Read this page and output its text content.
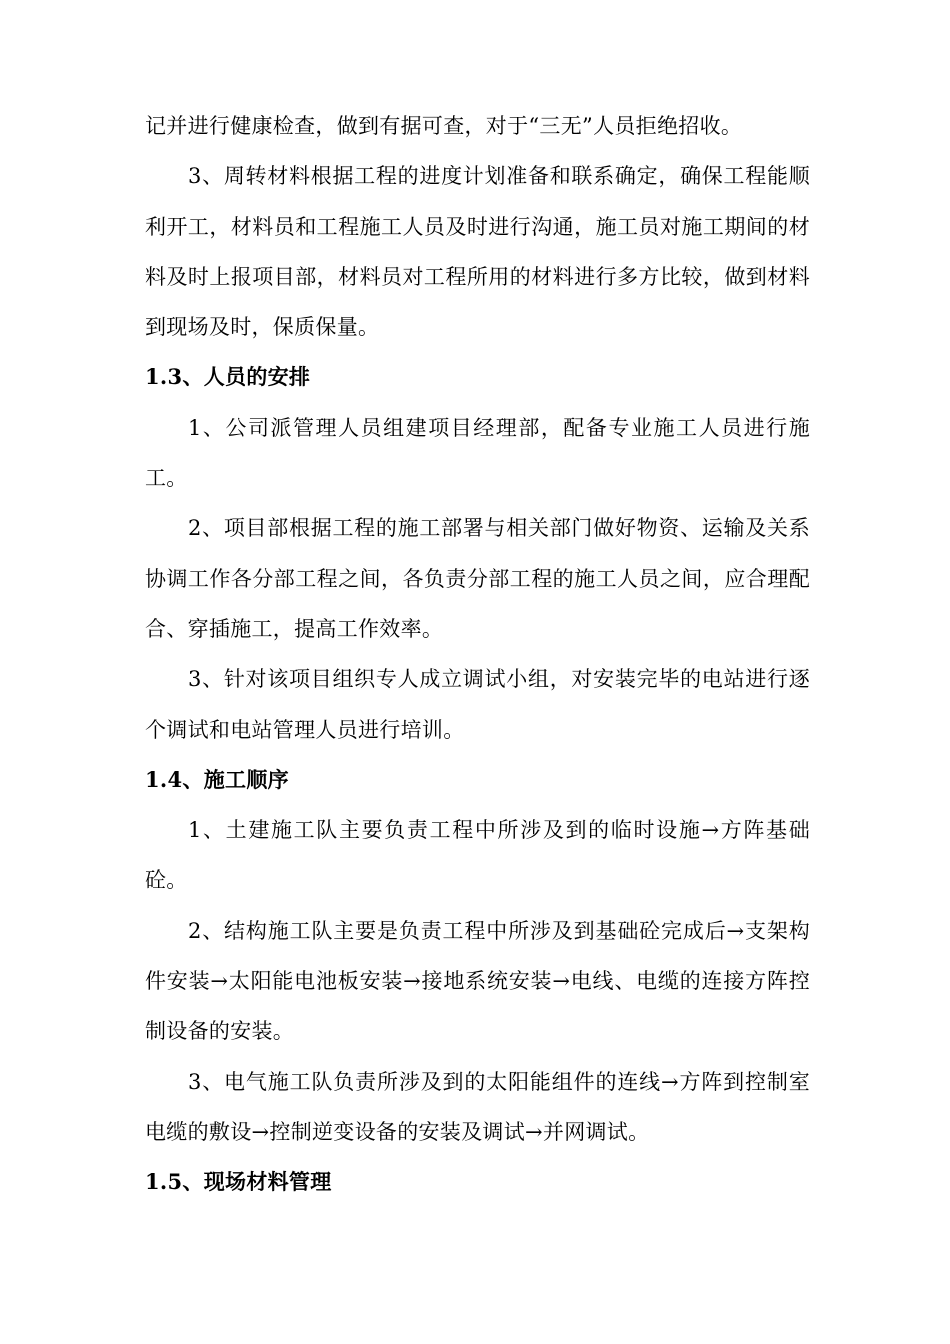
记并进行健康检查，做到有据可查，对于“三无”人员拒绝招收。

3、周转材料根据工程的进度计划准备和联系确定，确保工程能顺利开工，材料员和工程施工人员及时进行沟通，施工员对施工期间的材料及时上报项目部，材料员对工程所用的材料进行多方比较，做到材料到现场及时，保质保量。

1.3、人员的安排

1、公司派管理人员组建项目经理部，配备专业施工人员进行施工。

2、项目部根据工程的施工部署与相关部门做好物资、运输及关系协调工作各分部工程之间，各负责分部工程的施工人员之间，应合理配合、穿插施工，提高工作效率。

3、针对该项目组织专人成立调试小组，对安装完毕的电站进行逐个调试和电站管理人员进行培训。

1.4、施工顺序

1、土建施工队主要负责工程中所涉及到的临时设施→方阵基础砼。

2、结构施工队主要是负责工程中所涉及到基础砼完成后→支架构件安装→太阳能电池板安装→接地系统安装→电线、电缆的连接方阵控制设备的安装。

3、电气施工队负责所涉及到的太阳能组件的连线→方阵到控制室电缆的敷设→控制逆变设备的安装及调试→并网调试。

1.5、现场材料管理
